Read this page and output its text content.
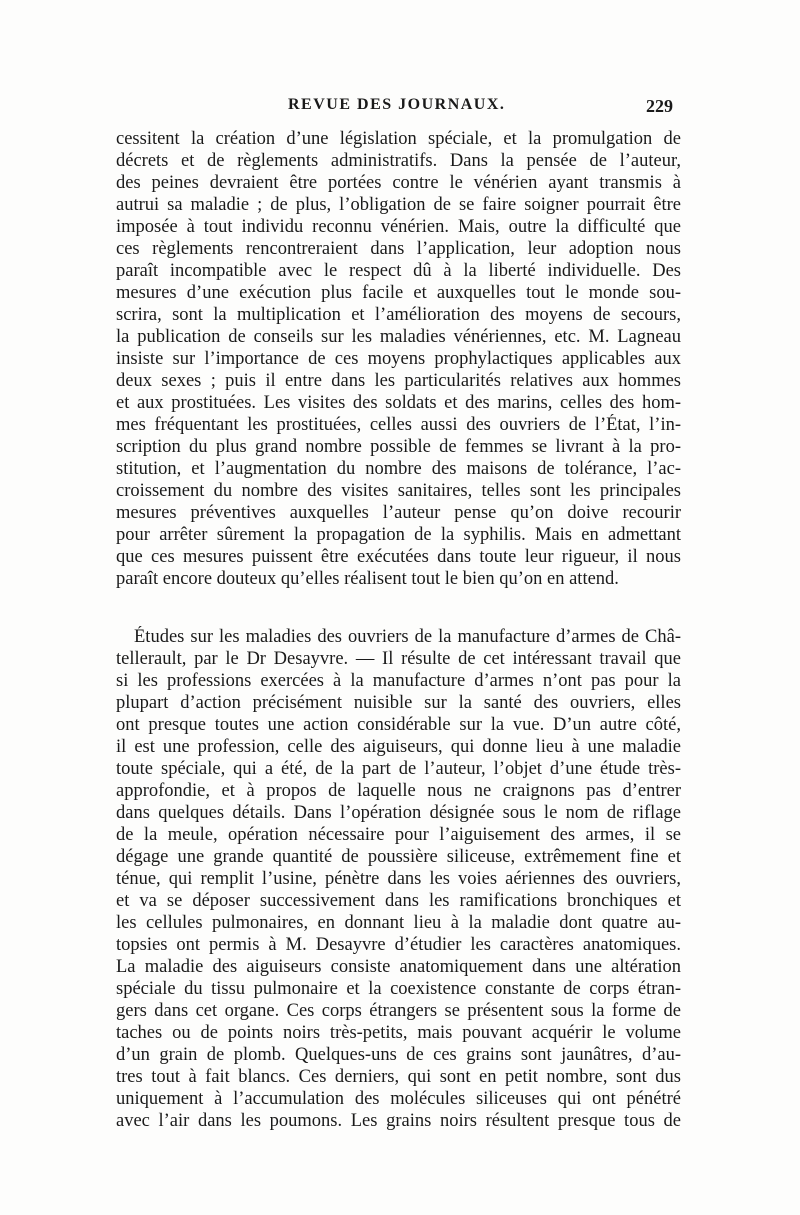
REVUE DES JOURNAUX.	229
cessitent la création d’une législation spéciale, et la promulgation de
décrets et de règlements administratifs. Dans la pensée de l’auteur,
des peines devraient être portées contre le vénérien ayant transmis à
autrui sa maladie ; de plus, l’obligation de se faire soigner pourrait être
imposée à tout individu reconnu vénérien. Mais, outre la difficulté que
ces règlements rencontreraient dans l’application, leur adoption nous
paraît incompatible avec le respect dû à la liberté individuelle. Des
mesures d’une exécution plus facile et auxquelles tout le monde sou-
scrira, sont la multiplication et l’amélioration des moyens de secours,
la publication de conseils sur les maladies vénériennes, etc. M. Lagneau
insiste sur l’importance de ces moyens prophylactiques applicables aux
deux sexes ; puis il entre dans les particularités relatives aux hommes
et aux prostituées. Les visites des soldats et des marins, celles des hom-
mes fréquentant les prostituées, celles aussi des ouvriers de l’État, l’in-
scription du plus grand nombre possible de femmes se livrant à la pro-
stitution, et l’augmentation du nombre des maisons de tolérance, l’ac-
croissement du nombre des visites sanitaires, telles sont les principales
mesures préventives auxquelles l’auteur pense qu’on doive recourir
pour arrêter sûrement la propagation de la syphilis. Mais en admettant
que ces mesures puissent être exécutées dans toute leur rigueur, il nous
paraît encore douteux qu’elles réalisent tout le bien qu’on en attend.
Études sur les maladies des ouvriers de la manufacture d’armes de Châ-
tellerault, par le Dr Desayvre. — Il résulte de cet intéressant travail que
si les professions exercées à la manufacture d’armes n’ont pas pour la
plupart d’action précisément nuisible sur la santé des ouvriers, elles
ont presque toutes une action considérable sur la vue. D’un autre côté,
il est une profession, celle des aiguiseurs, qui donne lieu à une maladie
toute spéciale, qui a été, de la part de l’auteur, l’objet d’une étude très-
approfondie, et à propos de laquelle nous ne craignons pas d’entrer
dans quelques détails. Dans l’opération désignée sous le nom de riflage
de la meule, opération nécessaire pour l’aiguisement des armes, il se
dégage une grande quantité de poussière siliceuse, extrêmement fine et
ténue, qui remplit l’usine, pénètre dans les voies aériennes des ouvriers,
et va se déposer successivement dans les ramifications bronchiques et
les cellules pulmonaires, en donnant lieu à la maladie dont quatre au-
topsies ont permis à M. Desayvre d’étudier les caractères anatomiques.
La maladie des aiguiseurs consiste anatomiquement dans une altération
spéciale du tissu pulmonaire et la coexistence constante de corps étran-
gers dans cet organe. Ces corps étrangers se présentent sous la forme de
taches ou de points noirs très-petits, mais pouvant acquérir le volume
d’un grain de plomb. Quelques-uns de ces grains sont jaunâtres, d’au-
tres tout à fait blancs. Ces derniers, qui sont en petit nombre, sont dus
uniquement à l’accumulation des molécules siliceuses qui ont pénétré
avec l’air dans les poumons. Les grains noirs résultent presque tous de
